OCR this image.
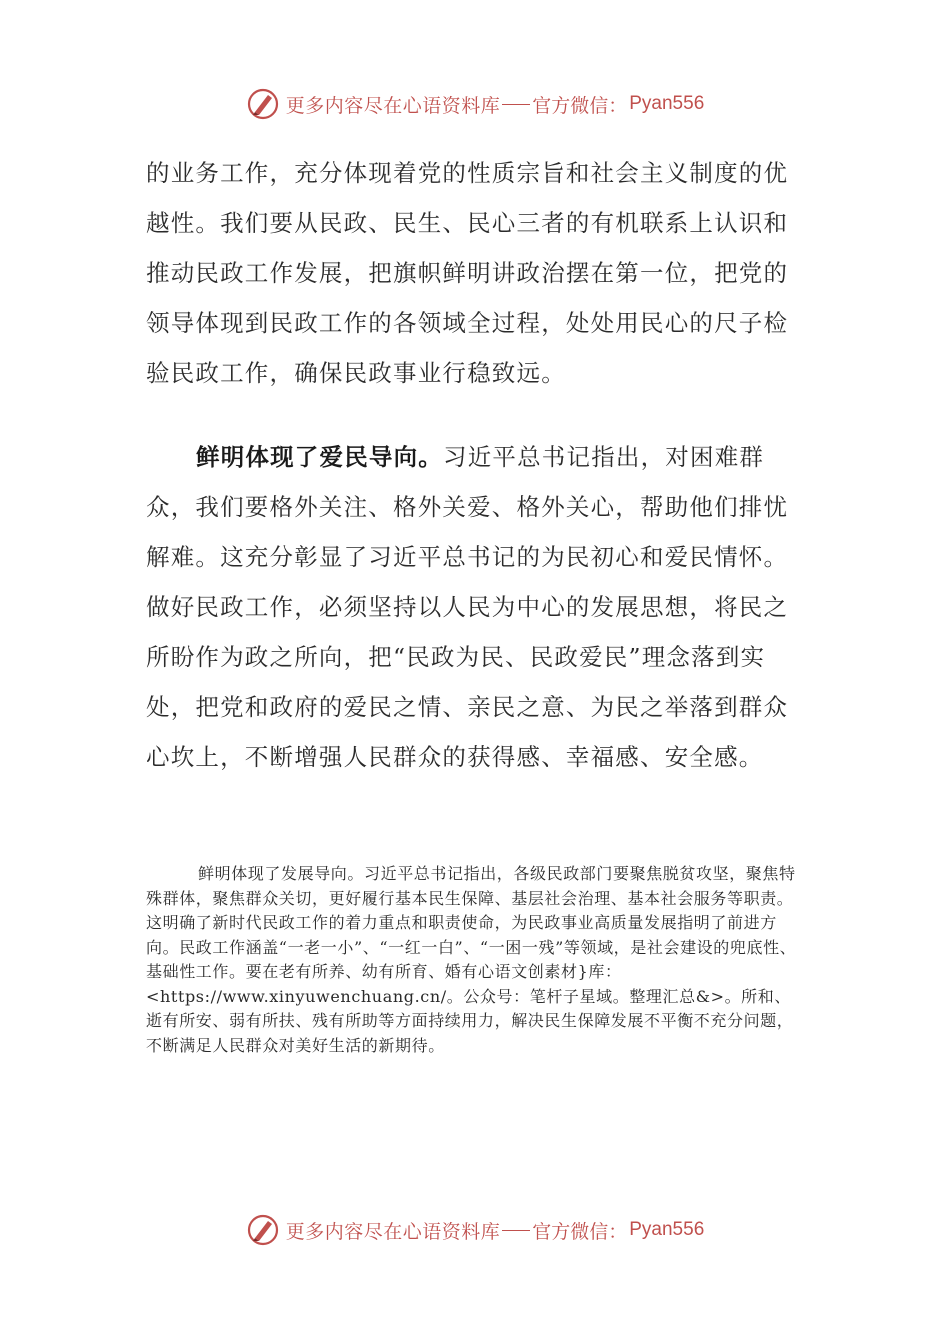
更多内容尽在心语资料库 官方微信： Pyan556

的业务工作，充分体现着党的性质宗旨和社会主义制度的优越性。我们要从民政、民生、民心三者的有机联系上认识和推动民政工作发展，把旗帜鲜明讲政治摆在第一位，把党的领导体现到民政工作的各领域全过程，处处用民心的尺子检验民政工作，确保民政事业行稳致远。

鲜明体现了爱民导向。习近平总书记指出，对困难群众，我们要格外关注、格外关爱、格外关心，帮助他们排忧解难。这充分彰显了习近平总书记的为民初心和爱民情怀。做好民政工作，必须坚持以人民为中心的发展思想，将民之所盼作为政之所向，把“民政为民、民政爱民”理念落到实处，把党和政府的爱民之情、亲民之意、为民之举落到群众心坎上，不断增强人民群众的获得感、幸福感、安全感。

鲜明体现了发展导向。习近平总书记指出，各级民政部门要聚焦脱贫攻坚，聚焦特殊群体，聚焦群众关切，更好履行基本民生保障、基层社会治理、基本社会服务等职责。这明确了新时代民政工作的着力重点和职责使命，为民政事业高质量发展指明了前进方向。民政工作涵盖“一老一小”、“一红一白”、“一困一残”等领域，是社会建设的兜底性、基础性工作。要在老有所养、幼有所育、婚有心语文创素材}库：<https://www.xinyuwenchuang.cn/。公众号：笔杆子星域。整理汇总&>。所和、逝有所安、弱有所扶、残有所助等方面持续用力，解决民生保障发展不平衡不充分问题，不断满足人民群众对美好生活的新期待。

更多内容尽在心语资料库 官方微信： Pyan556
